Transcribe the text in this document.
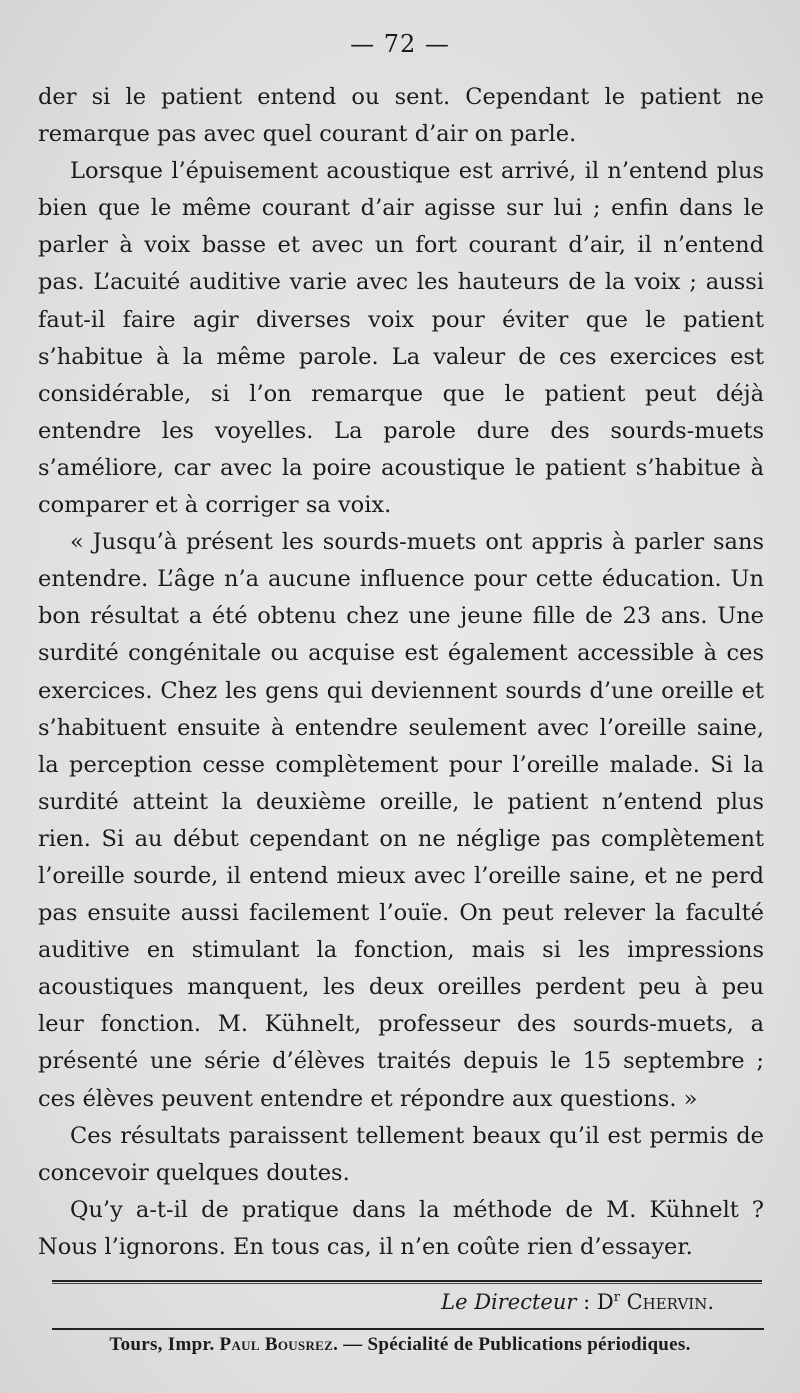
— 72 —

der si le patient entend ou sent. Cependant le patient ne remarque pas avec quel courant d’air on parle.

Lorsque l’épuisement acoustique est arrivé, il n’entend plus bien que le même courant d’air agisse sur lui ; enfin dans le parler à voix basse et avec un fort courant d’air, il n’entend pas. L’acuité auditive varie avec les hauteurs de la voix ; aussi faut-il faire agir diverses voix pour éviter que le patient s’habitue à la même parole. La valeur de ces exercices est considérable, si l’on remarque que le patient peut déjà entendre les voyelles. La parole dure des sourds-muets s’améliore, car avec la poire acoustique le patient s’habitue à comparer et à corriger sa voix.

« Jusqu’à présent les sourds-muets ont appris à parler sans entendre. L’âge n’a aucune influence pour cette éducation. Un bon résultat a été obtenu chez une jeune fille de 23 ans. Une surdité congénitale ou acquise est également accessible à ces exercices. Chez les gens qui deviennent sourds d’une oreille et s’habituent ensuite à entendre seulement avec l’oreille saine, la perception cesse complètement pour l’oreille malade. Si la surdité atteint la deuxième oreille, le patient n’entend plus rien. Si au début cependant on ne néglige pas complètement l’oreille sourde, il entend mieux avec l’oreille saine, et ne perd pas ensuite aussi facilement l’ouïe. On peut relever la faculté auditive en stimulant la fonction, mais si les impressions acoustiques manquent, les deux oreilles perdent peu à peu leur fonction. M. Kühnelt, professeur des sourds-muets, a présenté une série d’élèves traités depuis le 15 septembre ; ces élèves peuvent entendre et répondre aux questions. »

Ces résultats paraissent tellement beaux qu’il est permis de concevoir quelques doutes.

Qu’y a-t-il de pratique dans la méthode de M. Kühnelt ? Nous l’ignorons. En tous cas, il n’en coûte rien d’essayer.

Le Directeur : $D^r$ Chervin.
Tours, Impr. Paul Bousrez. — Spécialité de Publications périodiques.
